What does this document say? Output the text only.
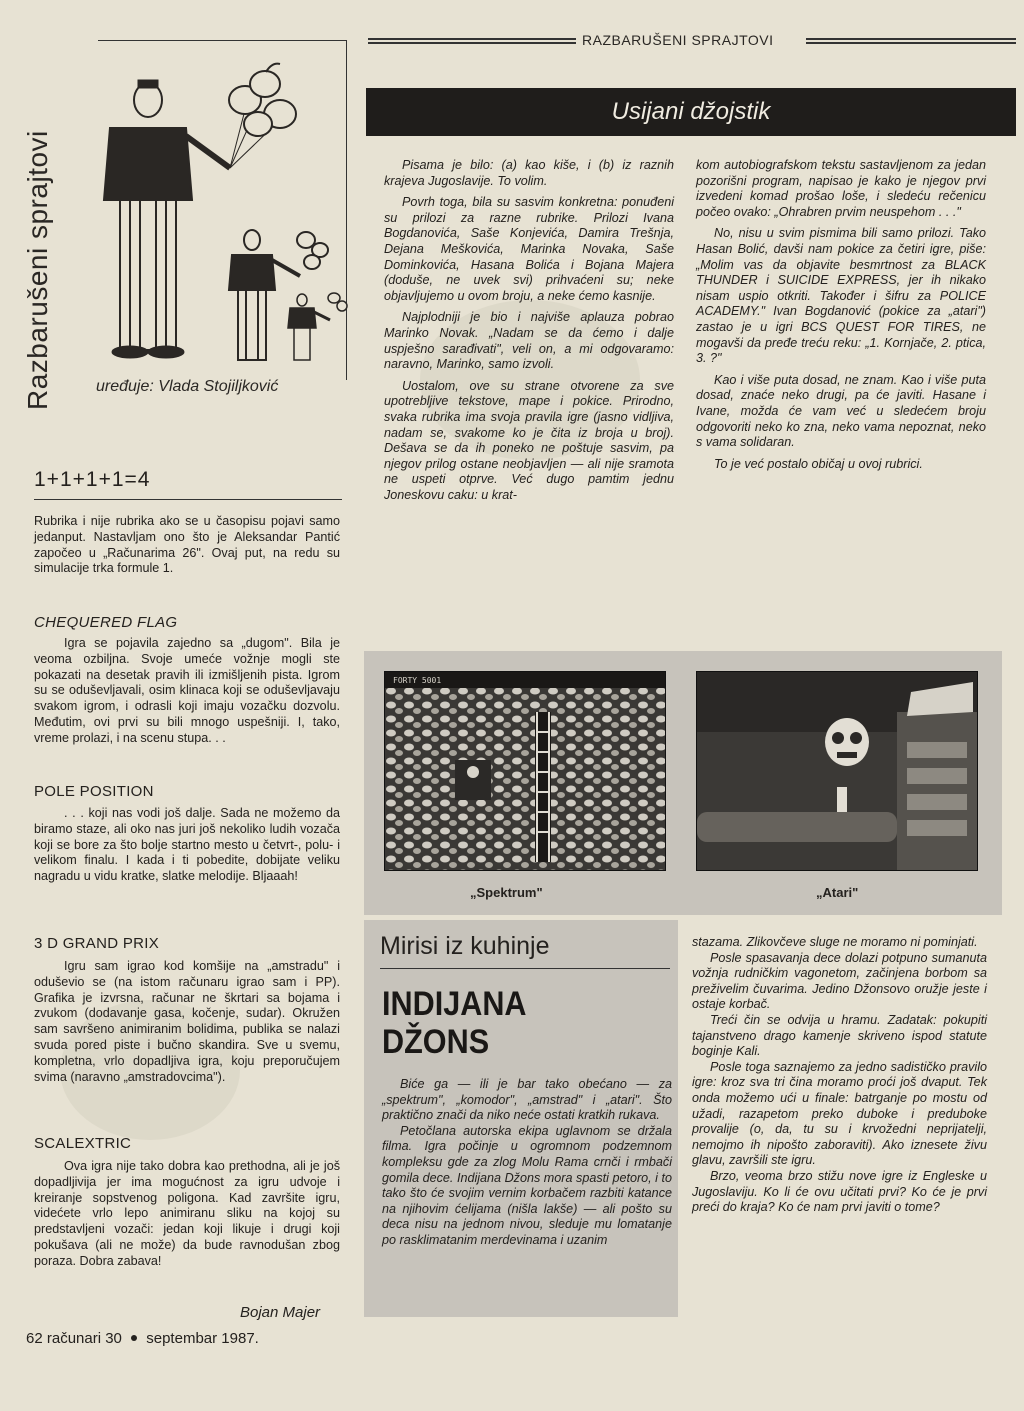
Razbarušeni sprajtovi	uređuje: Vlada Stojiljković
RAZBARUŠENI SPRAJTOVI
Usijani džojstik

Pisama je bilo: (a) kao kiše, i (b) iz raznih krajeva Jugoslavije. To volim.

Povrh toga, bila su sasvim konkretna: ponuđeni su prilozi za razne rubrike. Prilozi Ivana Bogdanovića, Saše Konjevića, Damira Trešnja, Dejana Meškovića, Marinka Novaka, Saše Dominkovića, Hasana Bolića i Bojana Majera (doduše, ne uvek svi) prihvaćeni su; neke objavljujemo u ovom broju, a neke ćemo kasnije.

Najplodniji je bio i najviše aplauza pobrao Marinko Novak. „Nadam se da ćemo i dalje uspješno sarađivati", veli on, a mi odgovaramo: naravno, Marinko, samo izvoli.

Uostalom, ove su strane otvorene za sve upotrebljive tekstove, mape i pokice. Prirodno, svaka rubrika ima svoja pravila igre (jasno vidljiva, nadam se, svakome ko je čita iz broja u broj). Dešava se da ih poneko ne poštuje sasvim, pa njegov prilog ostane neobjavljen — ali nije sramota ne uspeti otprve. Već dugo pamtim jednu Joneskovu caku: u krat-

kom autobiografskom tekstu sastavljenom za jedan pozorišni program, napisao je kako je njegov prvi izvedeni komad prošao loše, i sledeću rečenicu počeo ovako: „Ohrabren prvim neuspehom . . ."

No, nisu u svim pismima bili samo prilozi. Tako Hasan Bolić, davši nam pokice za četiri igre, piše: „Molim vas da objavite besmrtnost za BLACK THUNDER i SUICIDE EXPRESS, jer ih nikako nisam uspio otkriti. Također i šifru za POLICE ACADEMY." Ivan Bogdanović (pokice za „atari") zastao je u igri BCS QUEST FOR TIRES, ne mogavši da pređe treću reku: „1. Kornjače, 2. ptica, 3. ?"

Kao i više puta dosad, ne znam. Kao i više puta dosad, znaće neko drugi, pa će javiti. Hasane i Ivane, možda će vam već u sledećem broju odgovoriti neko ko zna, neko vama nepoznat, neko s vama solidaran.

To je već postalo običaj u ovoj rubrici.

1+1+1+1=4

Rubrika i nije rubrika ako se u časopisu pojavi samo jedanput. Nastavljam ono što je Aleksandar Pantić započeo u „Računarima 26". Ovaj put, na redu su simulacije trka formule 1.

CHEQUERED FLAG

Igra se pojavila zajedno sa „dugom". Bila je veoma ozbiljna. Svoje umeće vožnje mogli ste pokazati na desetak pravih ili izmišljenih pista. Igrom su se oduševljavali, osim klinaca koji se oduševljavaju svakom igrom, i odrasli koji imaju vozačku dozvolu. Međutim, ovi prvi su bili mnogo uspešniji. I, tako, vreme prolazi, i na scenu stupa. . .

POLE POSITION

. . . koji nas vodi još dalje. Sada ne možemo da biramo staze, ali oko nas juri još nekoliko ludih vozača koji se bore za što bolje startno mesto u četvrt-, polu- i velikom finalu. I kada i ti pobedite, dobijate veliku nagradu u vidu kratke, slatke melodije. Bljaaah!

3 D GRAND PRIX

Igru sam igrao kod komšije na „amstradu" i oduševio se (na istom računaru igrao sam i PP). Grafika je izvrsna, računar ne škrtari sa bojama i zvukom (dodavanje gasa, kočenje, sudar). Okružen sam savršeno animiranim bolidima, publika se nalazi svuda pored piste i bučno skandira. Sve u svemu, kompletna, vrlo dopadljiva igra, koju preporučujem svima (naravno „amstradovcima").

SCALEXTRIC

Ova igra nije tako dobra kao prethodna, ali je još dopadljivija jer ima mogućnost za igru udvoje i kreiranje sopstvenog poligona. Kad završite igru, videćete vrlo lepo animiranu sliku na kojoj su predstavljeni vozači: jedan koji likuje i drugi koji pokušava (ali ne može) da bude ravnodušan zbog poraza. Dobra zabava!

Bojan Majer
62 računari 30 septembar 1987.
FORTY 5001
„Spektrum"	„Atari"
Mirisi iz kuhinje
INDIJANA
DŽONS

Biće ga — ili je bar tako obećano — za „spektrum", „komodor", „amstrad" i „atari". Što praktično znači da niko neće ostati kratkih rukava.

Petočlana autorska ekipa uglavnom se držala filma. Igra počinje u ogromnom podzemnom kompleksu gde za zlog Molu Rama crnči i rmbači gomila dece. Indijana Džons mora spasti petoro, i to tako što će svojim vernim korbačem razbiti katance na njihovim ćelijama (nišla lakše) — ali pošto su deca nisu na jednom nivou, sleduje mu lomatanje po rasklimatanim merdevinama i uzanim

stazama. Zlikovčeve sluge ne moramo ni pominjati.

Posle spasavanja dece dolazi potpuno sumanuta vožnja rudničkim vagonetom, začinjena borbom sa preživelim čuvarima. Jedino Džonsovo oružje jeste i ostaje korbač.

Treći čin se odvija u hramu. Zadatak: pokupiti tajanstveno drago kamenje skriveno ispod statute boginje Kali.

Posle toga saznajemo za jedno sadističko pravilo igre: kroz sva tri čina moramo proći još dvaput. Tek onda možemo ući u finale: batrganje po mostu od užadi, razapetom preko duboke i preduboke provalije (o, da, tu su i krvožedni neprijatelji, nemojmo ih nipošto zaboraviti). Ako iznesete živu glavu, završili ste igru.

Brzo, veoma brzo stižu nove igre iz Engleske u Jugoslaviju. Ko li će ovu učitati prvi? Ko će je prvi preći do kraja? Ko će nam prvi javiti o tome?
